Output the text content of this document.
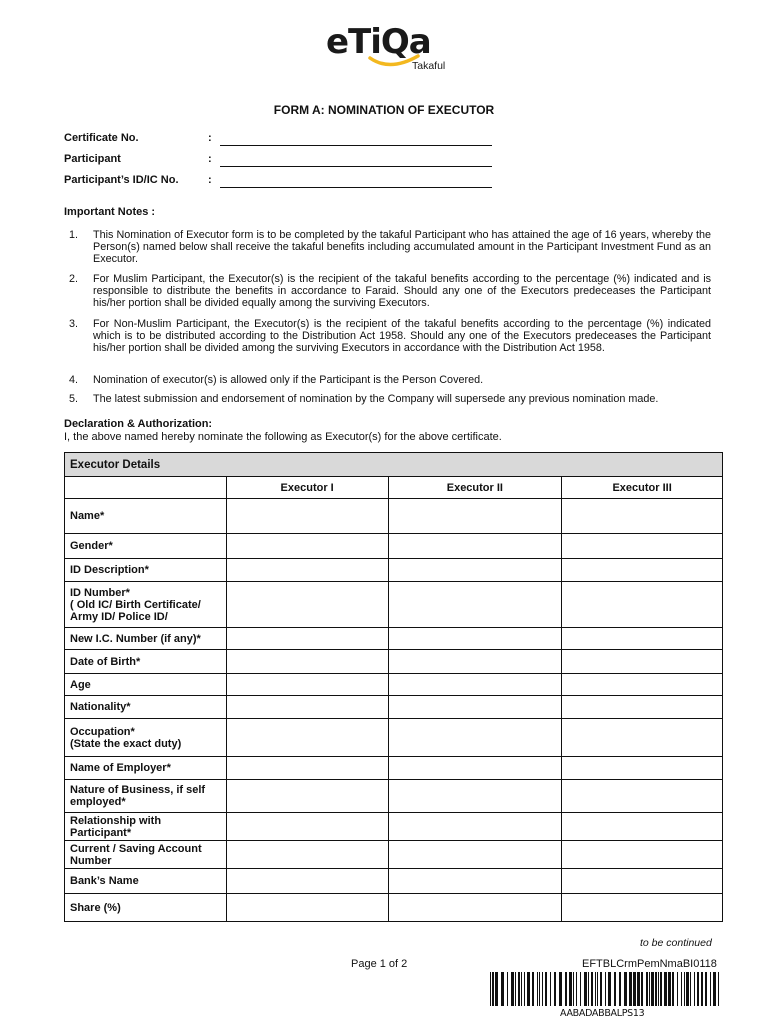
eTiQa
Takaful
FORM A: NOMINATION OF EXECUTOR
Certificate No.	:
Participant	:
Participant’s ID/IC No.	:
Important Notes :
1. This Nomination of Executor form is to be completed by the takaful Participant who has attained the age of 16 years, whereby the Person(s) named below shall receive the takaful benefits including accumulated amount in the Participant Investment Fund as an Executor.
2. For Muslim Participant, the Executor(s) is the recipient of the takaful benefits according to the percentage (%) indicated and is responsible to distribute the benefits in accordance to Faraid. Should any one of the Executors predeceases the Participant his/her portion shall be divided equally among the surviving Executors.
3. For Non-Muslim Participant, the Executor(s) is the recipient of the takaful benefits according to the percentage (%) indicated which is to be distributed according to the Distribution Act 1958. Should any one of the Executors predeceases the Participant his/her portion shall be divided among the surviving Executors in accordance with the Distribution Act 1958.
4. Nomination of executor(s) is allowed only if the Participant is the Person Covered.
5. The latest submission and endorsement of nomination by the Company will supersede any previous nomination made.
Declaration & Authorization:
I, the above named hereby nominate the following as Executor(s) for the above certificate.
Executor Details			
	Executor I	Executor II	Executor III

Name*			

Gender*			

ID Description*			

ID Number*
( Old IC/ Birth Certificate/ Army ID/ Police ID/			

New I.C. Number (if any)*			

Date of Birth*			

Age			

Nationality*			

Occupation*
(State the exact duty)			

Name of Employer*			

Nature of Business, if self employed*			

Relationship with Participant*			

Current / Saving Account Number			

Bank’s Name			

Share (%)			

to be continued
Page 1 of 2	EFTBLCrmPemNmaBI0118
AABADABBALPS13
